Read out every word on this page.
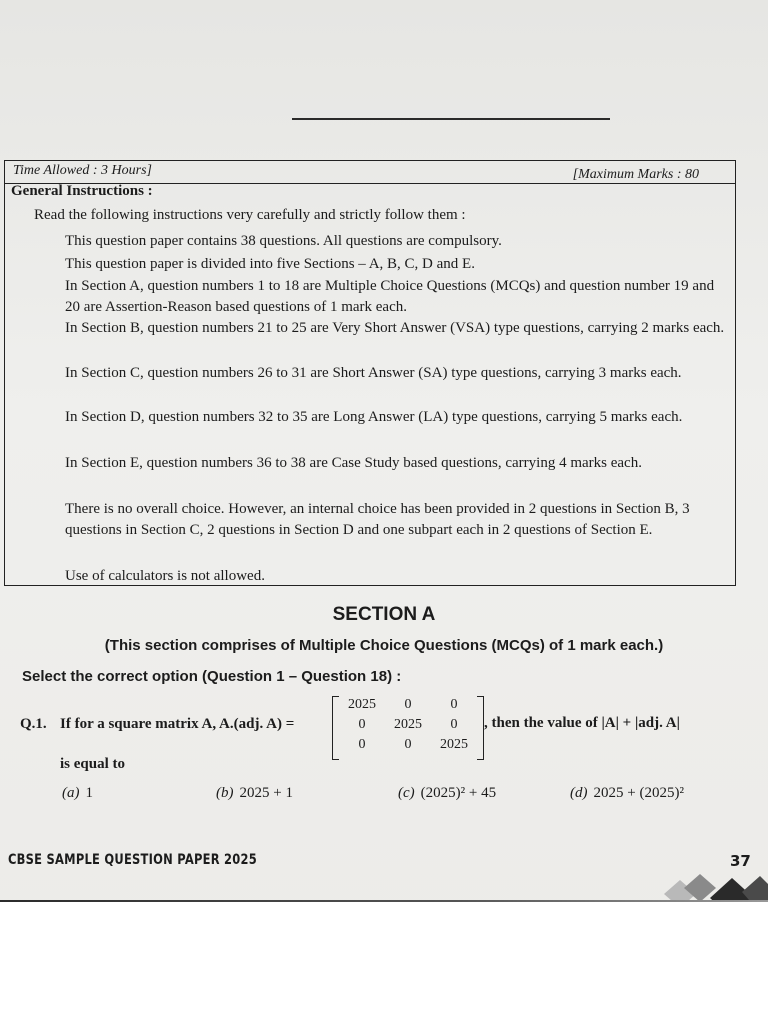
Time Allowed : 3 Hours]	[Maximum Marks : 80
General Instructions :
Read the following instructions very carefully and strictly follow them :
This question paper contains 38 questions. All questions are compulsory.
This question paper is divided into five Sections – A, B, C, D and E.
In Section A, question numbers 1 to 18 are Multiple Choice Questions (MCQs) and question number 19 and 20 are Assertion-Reason based questions of 1 mark each.
In Section B, question numbers 21 to 25 are Very Short Answer (VSA) type questions, carrying 2 marks each.
In Section C, question numbers 26 to 31 are Short Answer (SA) type questions, carrying 3 marks each.
In Section D, question numbers 32 to 35 are Long Answer (LA) type questions, carrying 5 marks each.
In Section E, question numbers 36 to 38 are Case Study based questions, carrying 4 marks each.
There is no overall choice. However, an internal choice has been provided in 2 questions in Section B, 3 questions in Section C, 2 questions in Section D and one subpart each in 2 questions of Section E.
Use of calculators is not allowed.
SECTION A
(This section comprises of Multiple Choice Questions (MCQs) of 1 mark each.)
Select the correct option (Question 1 – Question 18) :
Q.1. If for a square matrix A, A.(adj. A) =
2025	0	0
0	2025	0
0	0	2025
, then the value of |A| + |adj. A|
is equal to
(a) 1	(b) 2025 + 1	(c) (2025)² + 45	(d) 2025 + (2025)²
CBSE SAMPLE QUESTION PAPER 2025	37
